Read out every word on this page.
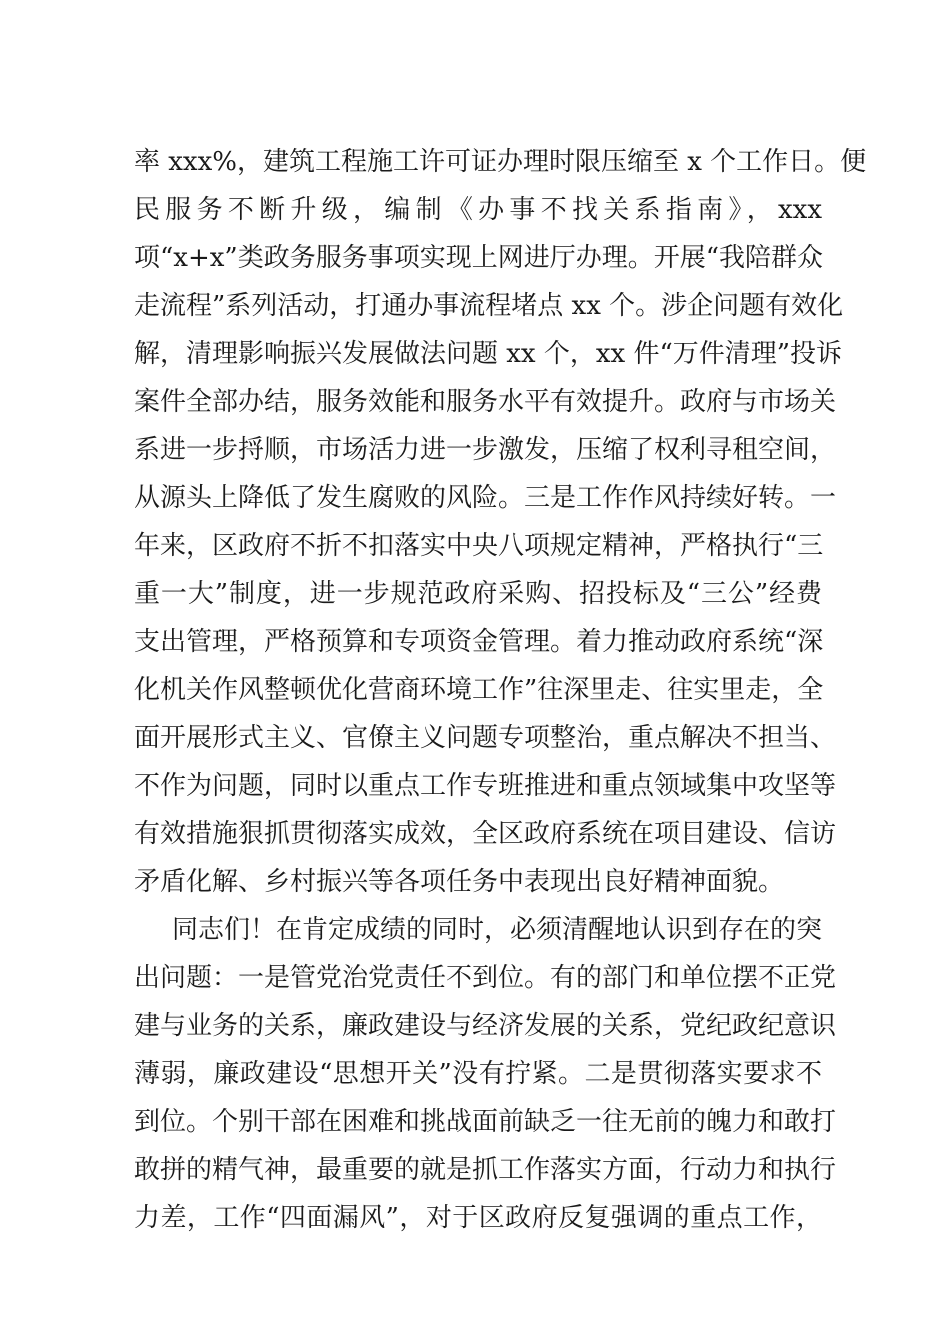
率 xxx%，建筑工程施工许可证办理时限压缩至 x 个工作日。便
民服务不断升级，编制《办事不找关系指南》，xxx
项“x+x”类政务服务事项实现上网进厅办理。开展“我陪群众
走流程”系列活动，打通办事流程堵点 xx 个。涉企问题有效化
解，清理影响振兴发展做法问题 xx 个，xx 件“万件清理”投诉
案件全部办结，服务效能和服务水平有效提升。政府与市场关
系进一步捋顺，市场活力进一步激发，压缩了权利寻租空间，
从源头上降低了发生腐败的风险。三是工作作风持续好转。一
年来，区政府不折不扣落实中央八项规定精神，严格执行“三
重一大”制度，进一步规范政府采购、招投标及“三公”经费
支出管理，严格预算和专项资金管理。着力推动政府系统“深
化机关作风整顿优化营商环境工作”往深里走、往实里走，全
面开展形式主义、官僚主义问题专项整治，重点解决不担当、
不作为问题，同时以重点工作专班推进和重点领域集中攻坚等
有效措施狠抓贯彻落实成效，全区政府系统在项目建设、信访
矛盾化解、乡村振兴等各项任务中表现出良好精神面貌。
同志们！在肯定成绩的同时，必须清醒地认识到存在的突
出问题：一是管党治党责任不到位。有的部门和单位摆不正党
建与业务的关系，廉政建设与经济发展的关系，党纪政纪意识
薄弱，廉政建设“思想开关”没有拧紧。二是贯彻落实要求不
到位。个别干部在困难和挑战面前缺乏一往无前的魄力和敢打
敢拼的精气神，最重要的就是抓工作落实方面，行动力和执行
力差，工作“四面漏风”，对于区政府反复强调的重点工作，
